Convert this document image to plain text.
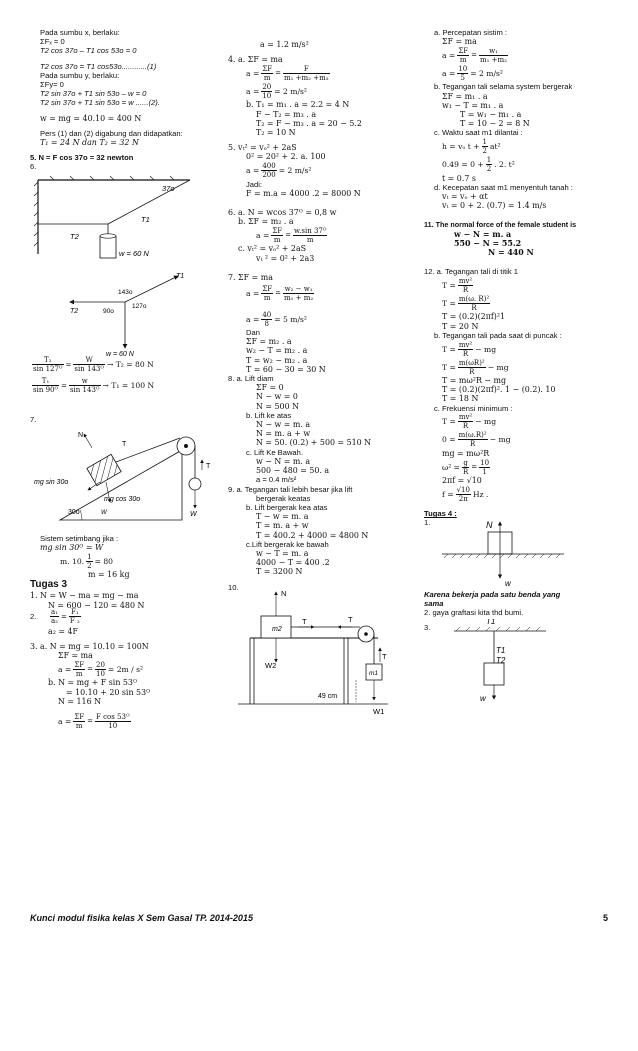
Pada sumbu x, berlaku:
ΣFₓ = 0
T2 cos 37o – T1 cos 53o = 0
T2 cos 37o = T1 cos53o............(1)
Pada sumbu y, berlaku:
ΣFy= 0
T2 sin 37o + T1 sin 53o – w = 0
T2 sin 37o + T1 sin 53o = w ......(2).
w = mg = 40.10 = 400 N
Pers (1) dan (2) digabung dan didapatkan:
T₁ = 24 N dan T₂ = 32 N
5. N = F cos 37o = 32 newton
6.
37o
T1
T2
w = 60 N
T1
T2
143o
127o
90o
w = 60 N
$\frac{\text{T₂}}{\text{sin 127ᴼ}} = \frac{W}{\text{sin 143ᴼ}} \to T_2 = 80$ N
$\frac{\text{T₁}}{\text{sin 90ᴼ}} = \frac{w}{\text{sin 143ᴼ}} \to T_1 = 100$ N
7.
N
T
T
mg sin 30o
mg cos 30o
30o	W	W
Sistem setimbang jika :
mg sin 30ᴼ = W
m. 10. $\frac{1}{2} = 80$
m = 16 kg
Tugas 3
1. N = W − ma = mg − ma
N = 600 − 120 = 480 N
2.	$\frac{\text{a₁}}{\text{a₂}} = \frac{\text{F₁}}{\text{F ₂}}$
a₂ = 4F
3. a. N = mg = 10.10 = 100N
ΣF = ma
$a = \frac{\Sigma F}{m} = \frac{20}{10} = 2m / s^2$
b. N = mg + F sin 53ᴼ
= 10.10 + 20 sin 53ᴼ
N = 116 N
$a = \frac{\Sigma F}{m} = \frac{\text{F cos 53ᴼ}}{10}$
a = 1.2 m/s²
4. a. ΣF = ma
$a = \frac{\Sigma F}{m} = \frac{F}{\text{m₁ +m₂ +m₃}}$
$a = \frac{20}{10} = 2$ m/s²
b. T₁ = m₁ . a = 2.2 = 4 N
F − T₂ = m₃ . a
T₂ = F − m₃ . a = 20 − 5.2
T₂ = 10 N
5. vₜ² = vₒ² + 2aS
0² = 20² + 2. a. 100
$a = \frac{400}{200} = 2$ m/s²
Jadi:
F = m.a = 4000 .2 = 8000 N
6. a. N = wcos 37ᴼ = 0,8 w
b. ΣF = m₂ . a
$a = \frac{\Sigma F}{m} = \frac{\text{w.sin 37ᴼ}}{m}$
c. vₜ² = vₒ² + 2aS
vₜ ² = 0² + 2a3
7. ΣF = ma
$a = \frac{\Sigma F}{m} = \frac{\text{w₂ − w₁}}{\text{m₁ + m₂}}$
$a = \frac{40}{8} = 5$ m/s²
Dan
ΣF = m₂ . a
w₂ − T = m₂ . a
T = w₂ − m₂ . a
T = 60 − 30 = 30 N
8. a. Lift diam
ΣF = 0
N − w = 0
N = 500 N
b. Lift ke atas
N − w = m. a
N = m. a + w
N = 50. (0.2) + 500 = 510 N
c. Lift Ke Bawah.
w − N = m. a
500 − 480 = 50. a
a = 0.4 m/s²
9. a. Tegangan tali lebih besar jika lift
bergerak keatas
b. Lift bergerak kea atas
T − w = m. a
T = m. a + w
T = 400.2 + 4000 = 4800 N
c.Lift bergerak ke bawah
w − T = m. a
4000 − T = 400 .2
T = 3200 N
10.
N
m2
T	T
T
m1
W2
W1
49 cm
a. Percepatan sistim :
ΣF = ma
$a = \frac{\Sigma F}{m} = \frac{\text{w₁}}{\text{m₁ +m₂}}$
$a = \frac{10}{5} = 2$ m/s²
b. Tegangan tali selama system bergerak
ΣF = m₁ . a
w₁ − T = m₁ . a
T = w₁ − m₁ . a
T = 10 − 2 = 8 N
c. Waktu saat m1 dilantai :
h = vₒ $t + \frac{1}{2} at^2$
$0.49 = 0 + \frac{1}{2}$ . 2. t²
t = 0.7 s
d. Kecepatan saat m1 menyentuh tanah :
vₜ = vₒ + αt
vₜ = 0 + 2. (0.7) = 1.4 m/s
11. The normal force of the female student is
w − N = m. a
550 − N = 55.2
N = 440 N
12. a. Tegangan tali di titik 1
$T = \frac{\text{mv²}}{R}$
$T = \frac{\text{m(ω. R)²}}{R}$
T = (0.2)(2πf)²1
T = 20 N
b. Tegangan tali pada saat di puncak :
$T = \frac{\text{mv²}}{R}$ − mg
$T = \frac{\text{m(ωR)²}}{R}$ − mg
T = mω²R − mg
T = (0.2)(2πf)². 1 − (0.2). 10
T = 18 N
c. Frekuensi minimum :
$T = \frac{\text{mv²}}{R}$ − mg
$0 = \frac{\text{m(ω.R)²}}{R}$ − mg
mg = mω²R
$\omega^2 = \frac{g}{R} = \frac{10}{1}$
2πf = √10
$f = \frac{√10}{2\pi}$ Hz .
Tugas 4 :
1.	N
w
Karena bekerja pada satu benda yang
sama
2. gaya graftasi kita thd bumi.
3.
T1
T1
T2
w
Kunci modul fisika kelas X Sem Gasal TP. 2014-2015	5
